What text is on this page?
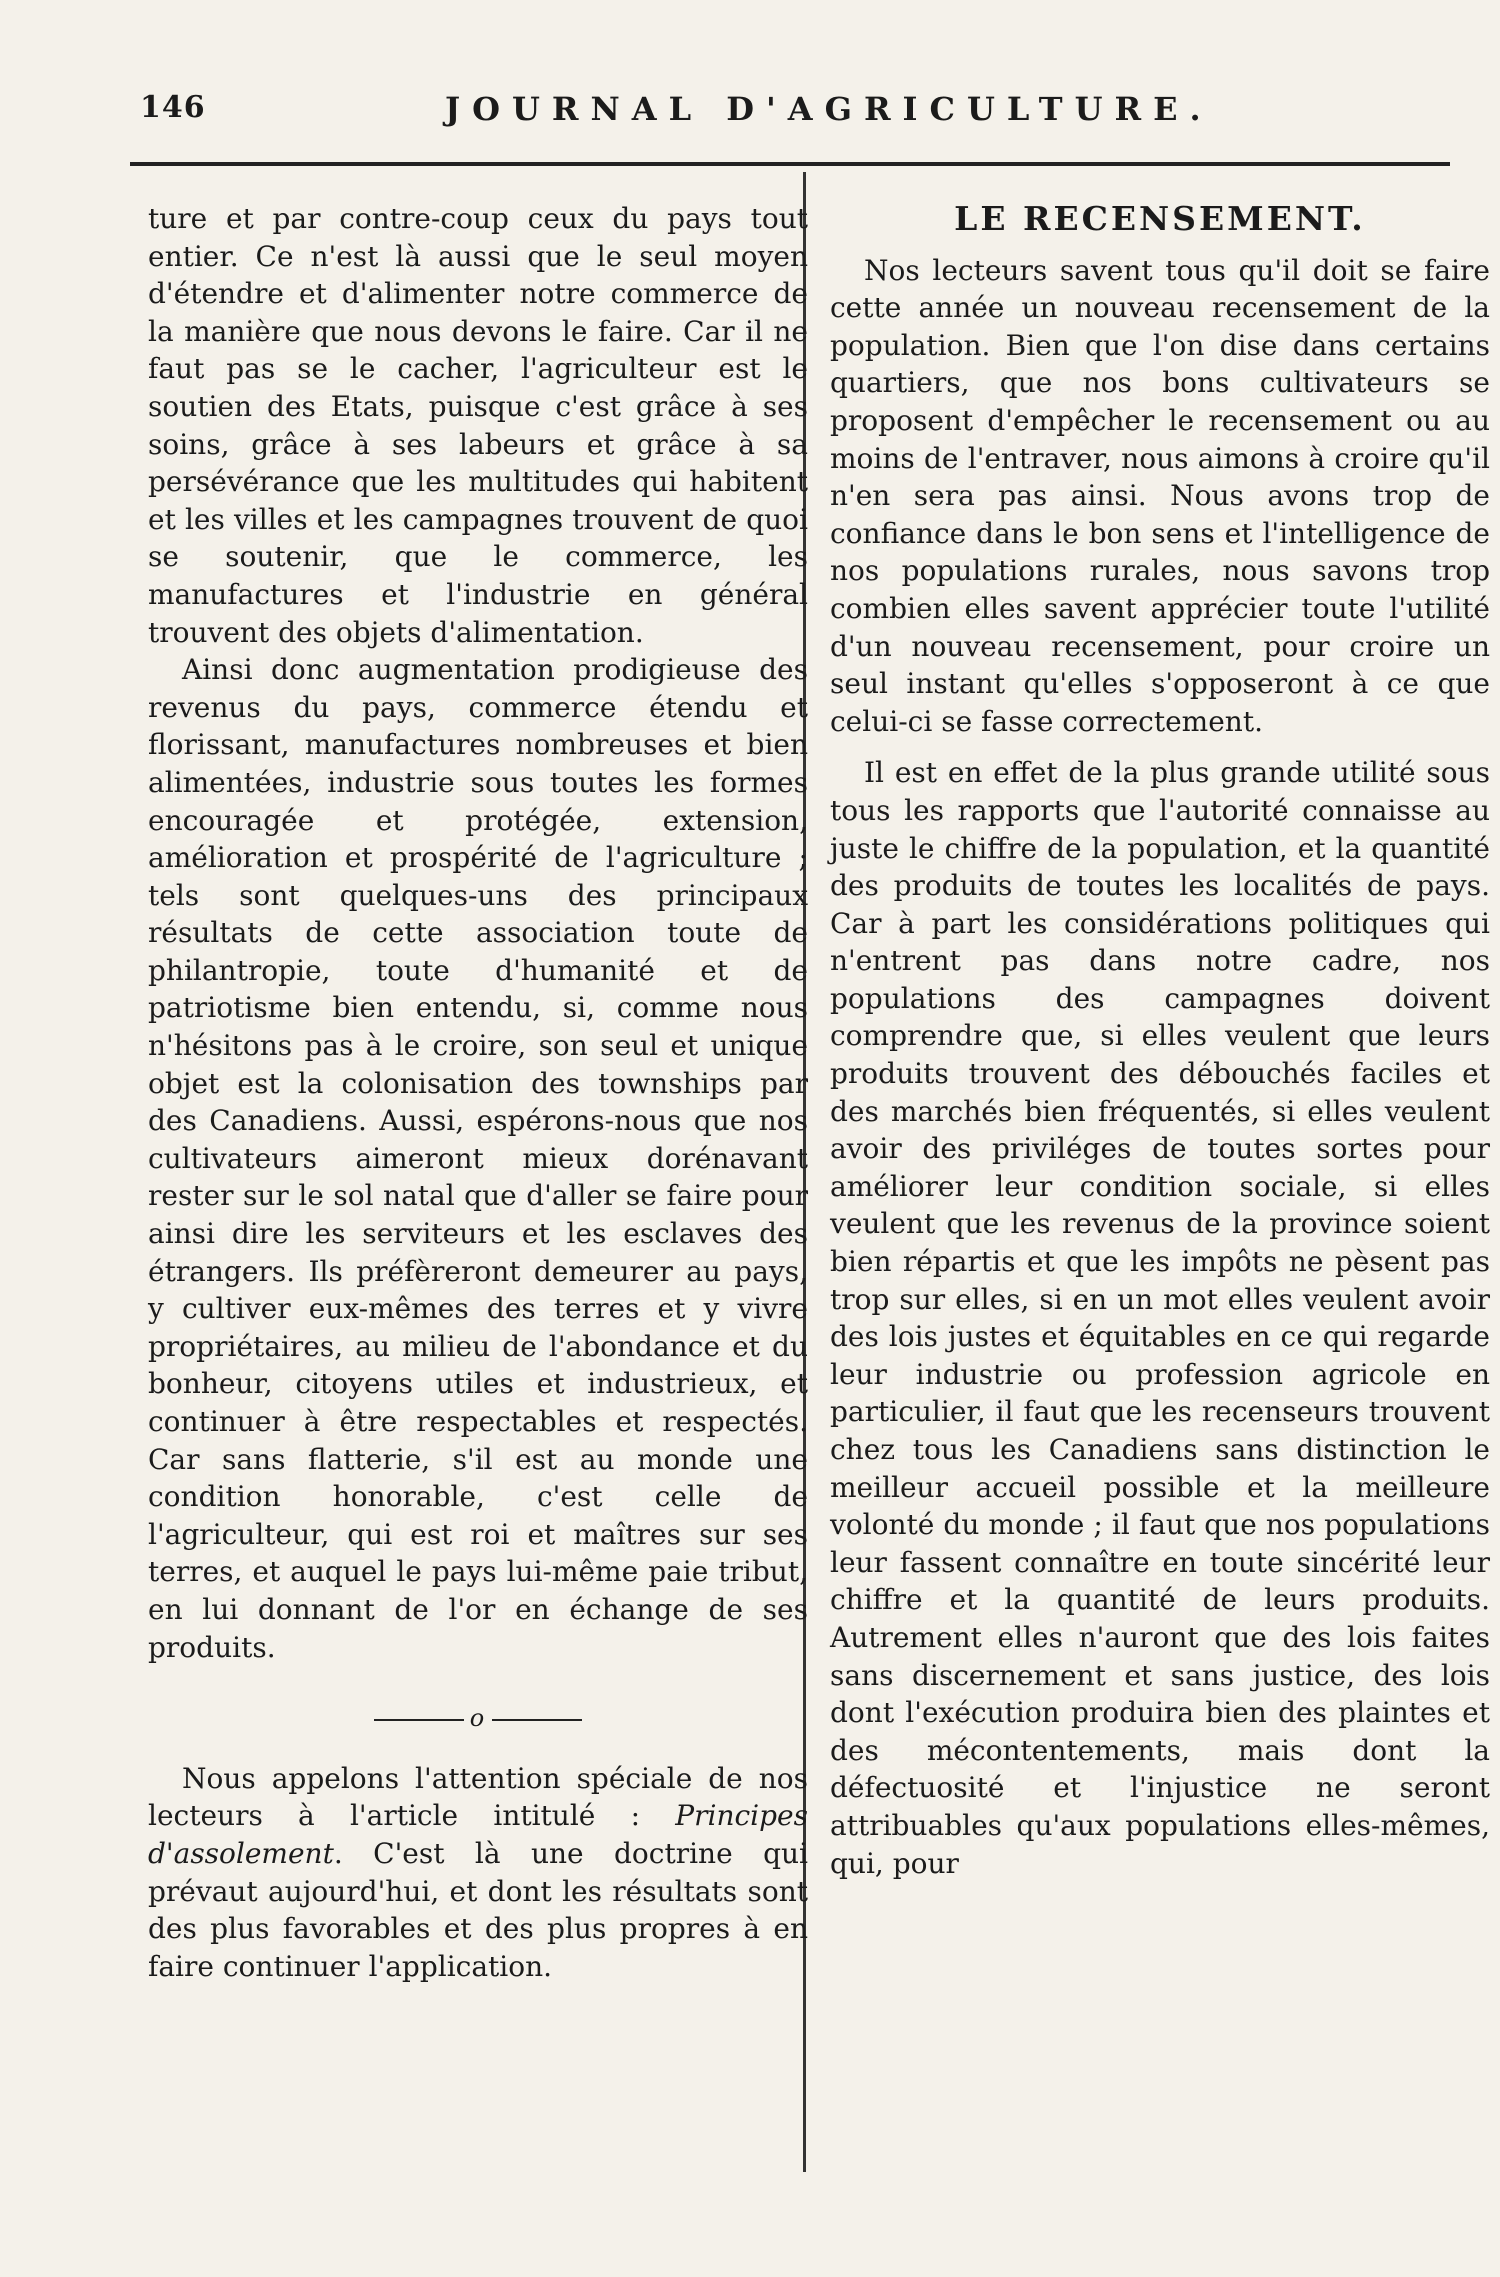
146	JOURNAL D'AGRICULTURE.

ture et par contre-coup ceux du pays tout entier. Ce n'est là aussi que le seul moyen d'étendre et d'alimenter notre commerce de la manière que nous devons le faire. Car il ne faut pas se le cacher, l'agriculteur est le soutien des Etats, puisque c'est grâce à ses soins, grâce à ses labeurs et grâce à sa persévérance que les multitudes qui habitent et les villes et les campagnes trouvent de quoi se soutenir, que le commerce, les manufactures et l'industrie en général trouvent des objets d'alimentation.

Ainsi donc augmentation prodigieuse des revenus du pays, commerce étendu et florissant, manufactures nombreuses et bien alimentées, industrie sous toutes les formes encouragée et protégée, extension, amélioration et prospérité de l'agriculture ; tels sont quelques-uns des principaux résultats de cette association toute de philantropie, toute d'humanité et de patriotisme bien entendu, si, comme nous n'hésitons pas à le croire, son seul et unique objet est la colonisation des townships par des Canadiens. Aussi, espérons-nous que nos cultivateurs aimeront mieux dorénavant rester sur le sol natal que d'aller se faire pour ainsi dire les serviteurs et les esclaves des étrangers. Ils préfèreront demeurer au pays, y cultiver eux-mêmes des terres et y vivre propriétaires, au milieu de l'abondance et du bonheur, citoyens utiles et industrieux, et continuer à être respectables et respectés. Car sans flatterie, s'il est au monde une condition honorable, c'est celle de l'agriculteur, qui est roi et maîtres sur ses terres, et auquel le pays lui-même paie tribut, en lui donnant de l'or en échange de ses produits.

o

Nous appelons l'attention spéciale de nos lecteurs à l'article intitulé : Principes d'assolement. C'est là une doctrine qui prévaut aujourd'hui, et dont les résultats sont des plus favorables et des plus propres à en faire continuer l'application.

LE RECENSEMENT.

Nos lecteurs savent tous qu'il doit se faire cette année un nouveau recensement de la population. Bien que l'on dise dans certains quartiers, que nos bons cultivateurs se proposent d'empêcher le recensement ou au moins de l'entraver, nous aimons à croire qu'il n'en sera pas ainsi. Nous avons trop de confiance dans le bon sens et l'intelligence de nos populations rurales, nous savons trop combien elles savent apprécier toute l'utilité d'un nouveau recensement, pour croire un seul instant qu'elles s'opposeront à ce que celui-ci se fasse correctement.

Il est en effet de la plus grande utilité sous tous les rapports que l'autorité connaisse au juste le chiffre de la population, et la quantité des produits de toutes les localités de pays. Car à part les considérations politiques qui n'entrent pas dans notre cadre, nos populations des campagnes doivent comprendre que, si elles veulent que leurs produits trouvent des débouchés faciles et des marchés bien fréquentés, si elles veulent avoir des priviléges de toutes sortes pour améliorer leur condition sociale, si elles veulent que les revenus de la province soient bien répartis et que les impôts ne pèsent pas trop sur elles, si en un mot elles veulent avoir des lois justes et équitables en ce qui regarde leur industrie ou profession agricole en particulier, il faut que les recenseurs trouvent chez tous les Canadiens sans distinction le meilleur accueil possible et la meilleure volonté du monde ; il faut que nos populations leur fassent connaître en toute sincérité leur chiffre et la quantité de leurs produits. Autrement elles n'auront que des lois faites sans discernement et sans justice, des lois dont l'exécution produira bien des plaintes et des mécontentements, mais dont la défectuosité et l'injustice ne seront attribuables qu'aux populations elles-mêmes, qui, pour
